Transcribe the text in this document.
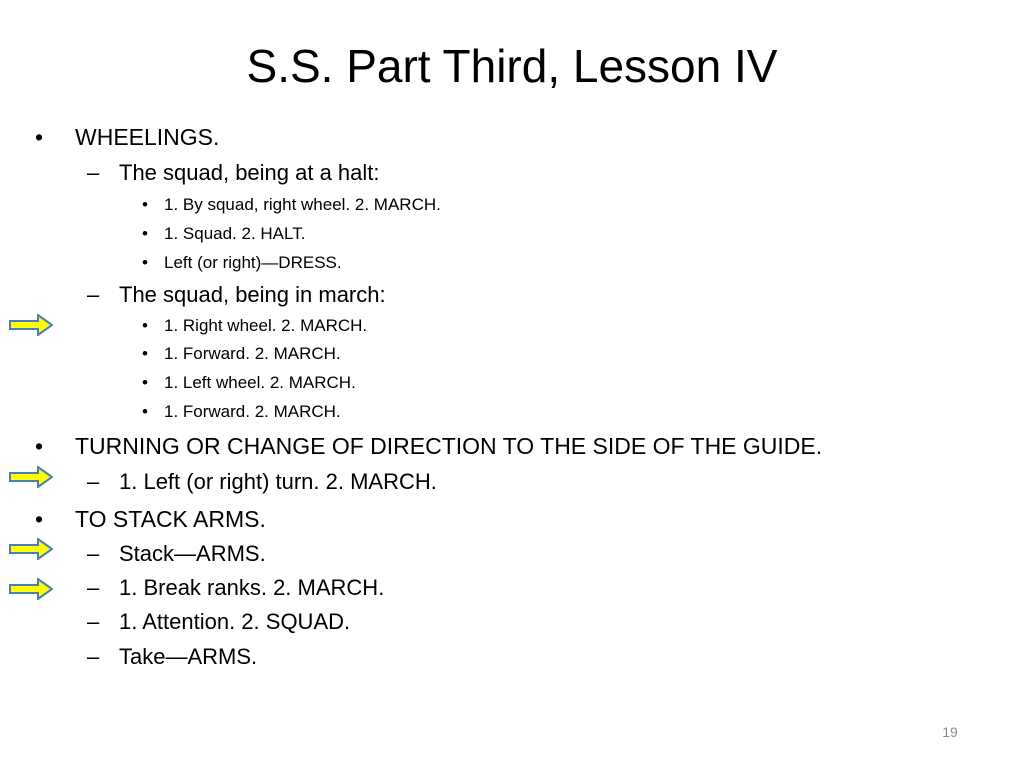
S.S. Part Third, Lesson IV
• WHEELINGS.
– The squad, being at a halt:
• 1. By squad, right wheel. 2. MARCH.
• 1. Squad. 2. HALT.
• Left (or right)—DRESS.
– The squad, being in march:
• 1. Right wheel. 2. MARCH.
• 1. Forward. 2. MARCH.
• 1. Left wheel. 2. MARCH.
• 1. Forward. 2. MARCH.
• TURNING OR CHANGE OF DIRECTION TO THE SIDE OF THE GUIDE.
– 1. Left (or right) turn. 2. MARCH.
• TO STACK ARMS.
– Stack—ARMS.
– 1. Break ranks. 2. MARCH.
– 1. Attention. 2. SQUAD.
– Take—ARMS.
19
